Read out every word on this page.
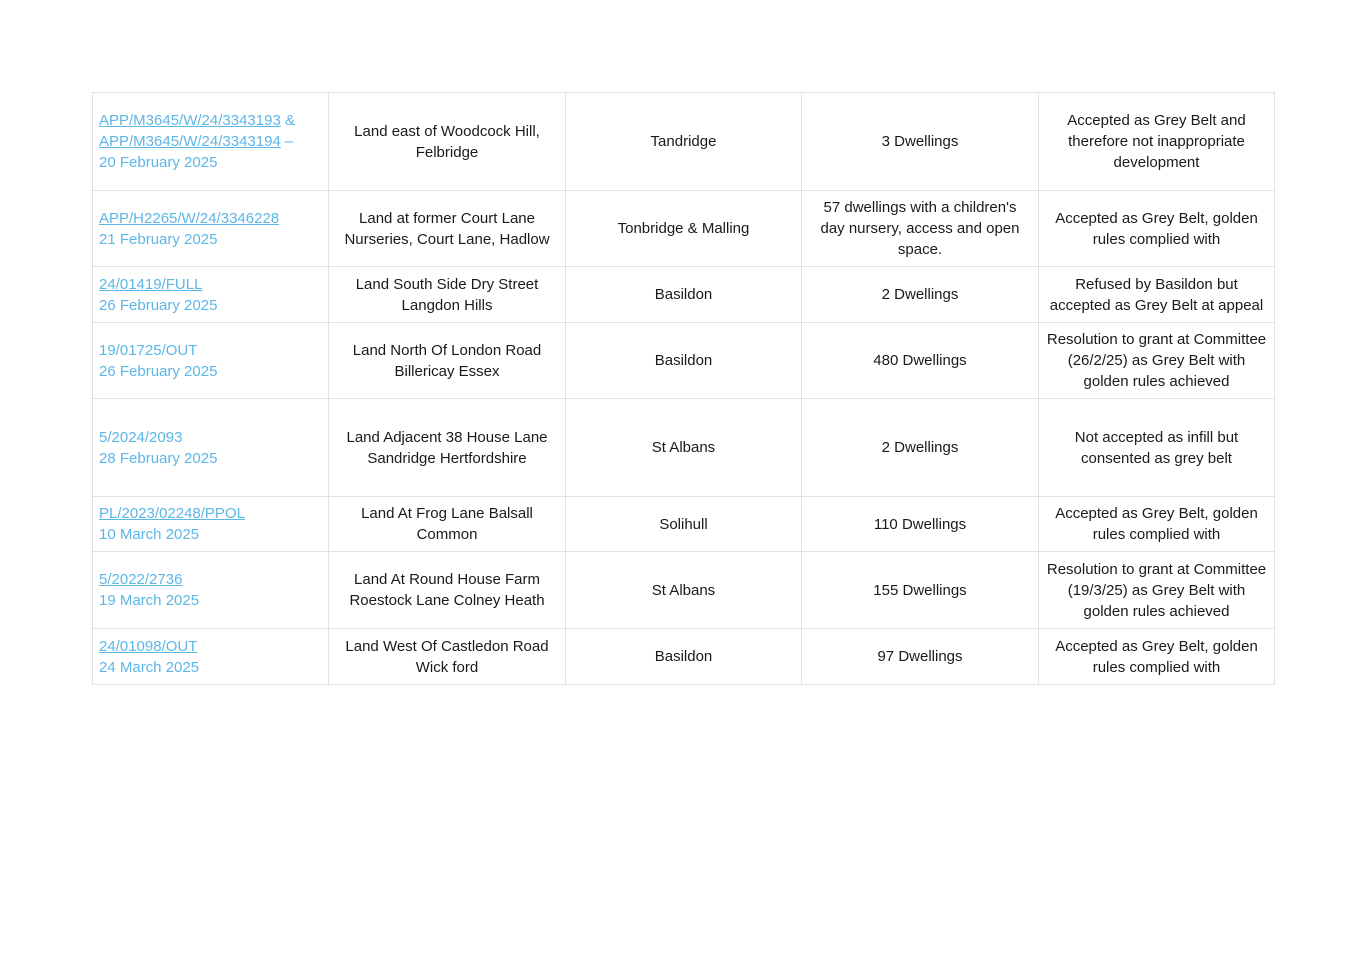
APP/M3645/W/24/3343193 &
APP/M3645/W/24/3343194 –
20 February 2025	Land east of Woodcock Hill, Felbridge	Tandridge	3 Dwellings	Accepted as Grey Belt and therefore not inappropriate development

APP/H2265/W/24/3346228
21 February 2025	Land at former Court Lane Nurseries, Court Lane, Hadlow	Tonbridge & Malling	57 dwellings with a children's day nursery, access and open space.	Accepted as Grey Belt, golden rules complied with

24/01419/FULL
26 February 2025	Land South Side Dry Street
Langdon Hills	Basildon	2 Dwellings	Refused by Basildon but accepted as Grey Belt at appeal

19/01725/OUT
26 February 2025	Land North Of London Road
Billericay Essex	Basildon	480 Dwellings	Resolution to grant at Committee (26/2/25) as Grey Belt with golden rules achieved

5/2024/2093
28 February 2025	Land Adjacent 38 House Lane
Sandridge Hertfordshire	St Albans	2 Dwellings	Not accepted as infill but consented as grey belt

PL/2023/02248/PPOL
10 March 2025	Land At Frog Lane Balsall Common	Solihull	110 Dwellings	Accepted as Grey Belt, golden rules complied with

5/2022/2736
19 March 2025	Land At Round House Farm
Roestock Lane Colney Heath	St Albans	155 Dwellings	Resolution to grant at Committee (19/3/25) as Grey Belt with golden rules achieved

24/01098/OUT
24 March 2025	Land West Of Castledon Road
Wick ford	Basildon	97 Dwellings	Accepted as Grey Belt, golden rules complied with
